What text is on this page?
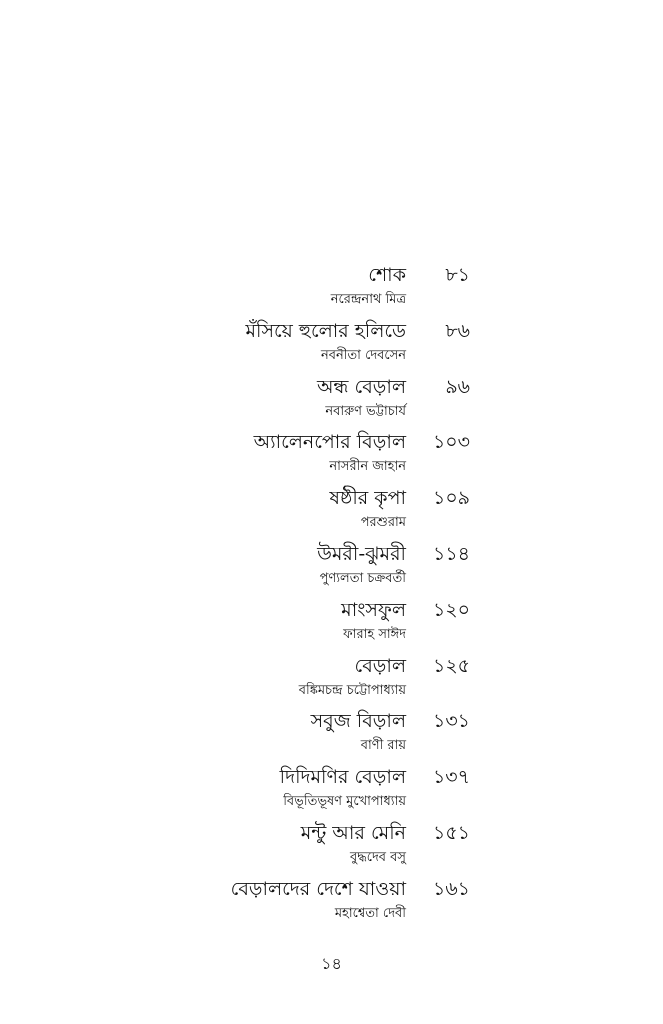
শোক ৮১
নরেন্দ্রনাথ মিত্র
মঁসিয়ে হুলোর হলিডে ৮৬
নবনীতা দেবসেন
অন্ধ বেড়াল ৯৬
নবারুণ ভট্টাচার্য
অ্যালেনপোর বিড়াল ১০৩
নাসরীন জাহান
ষষ্ঠীর কৃপা ১০৯
পরশুরাম
উমরী-ঝুমরী ১১৪
পুণ্যলতা চক্রবর্তী
মাংসফুল ১২০
ফারাহ সাঈদ
বেড়াল ১২৫
বঙ্কিমচন্দ্র চট্টোপাধ্যায়
সবুজ বিড়াল ১৩১
বাণী রায়
দিদিমণির বেড়াল ১৩৭
বিভূতিভূষণ মুখোপাধ্যায়
মন্টু আর মেনি ১৫১
বুদ্ধদেব বসু
বেড়ালদের দেশে যাওয়া ১৬১
মহাশ্বেতা দেবী
১৪
